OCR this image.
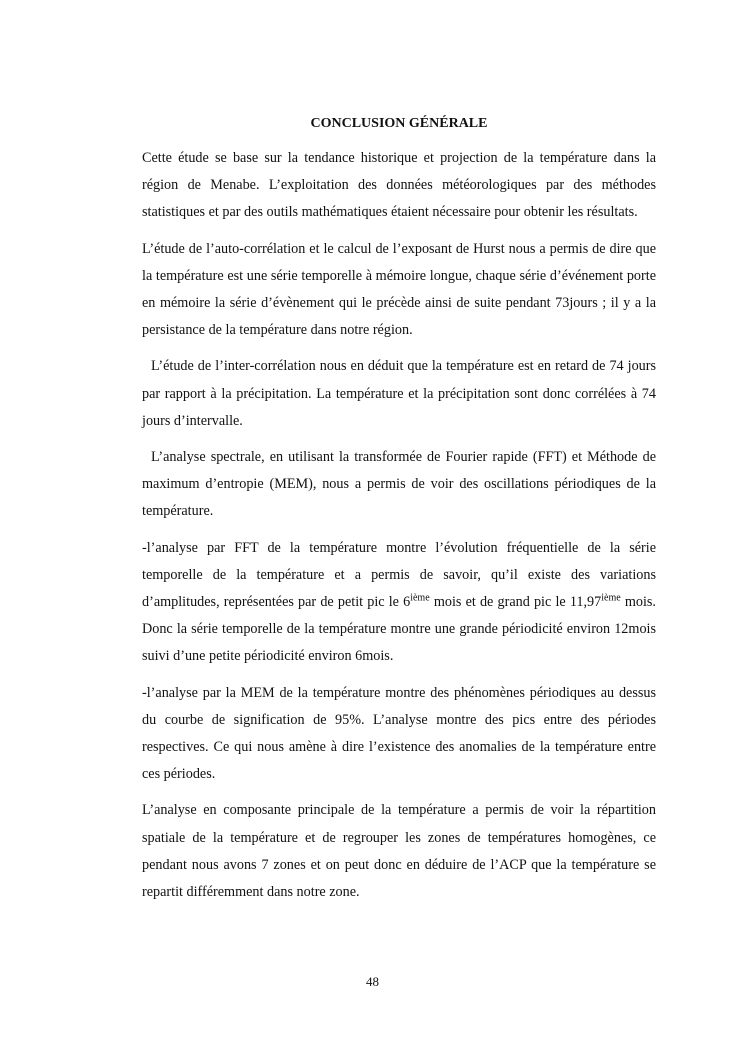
CONCLUSION GÉNÉRALE

Cette étude se base sur la tendance historique et projection de la température dans la région de Menabe. L’exploitation des données météorologiques par des méthodes statistiques et par des outils mathématiques étaient nécessaire pour obtenir les résultats.

L’étude de l’auto-corrélation et le calcul de l’exposant de Hurst nous a permis de dire que la température est une série temporelle à mémoire longue, chaque série d’événement porte en mémoire la série d’évènement qui le précède ainsi de suite pendant 73jours ; il y a la persistance de la température dans notre région.

L’étude de l’inter-corrélation nous en déduit que la température est en retard de 74 jours par rapport à la précipitation. La température et la précipitation sont donc corrélées à 74 jours d’intervalle.

L’analyse spectrale, en utilisant la transformée de Fourier rapide (FFT) et Méthode de maximum d’entropie (MEM), nous a permis de voir des oscillations périodiques de la température.

-l’analyse par FFT de la température montre l’évolution fréquentielle de la série temporelle de la température et a permis de savoir, qu’il existe des variations d’amplitudes, représentées par de petit pic le 6ième mois et de grand pic le 11,97ième mois. Donc la série temporelle de la température montre une grande périodicité environ 12mois suivi d’une petite périodicité environ 6mois.

-l’analyse par la MEM de la température montre des phénomènes périodiques au dessus du courbe de signification de 95%. L’analyse montre des pics entre des périodes respectives. Ce qui nous amène à dire l’existence des anomalies de la température entre ces périodes.

L’analyse en composante principale de la température a permis de voir la répartition spatiale de la température et de regrouper les zones de températures homogènes, ce pendant nous avons 7 zones et on peut donc en déduire de l’ACP que la température se repartit différemment dans notre zone.

48
